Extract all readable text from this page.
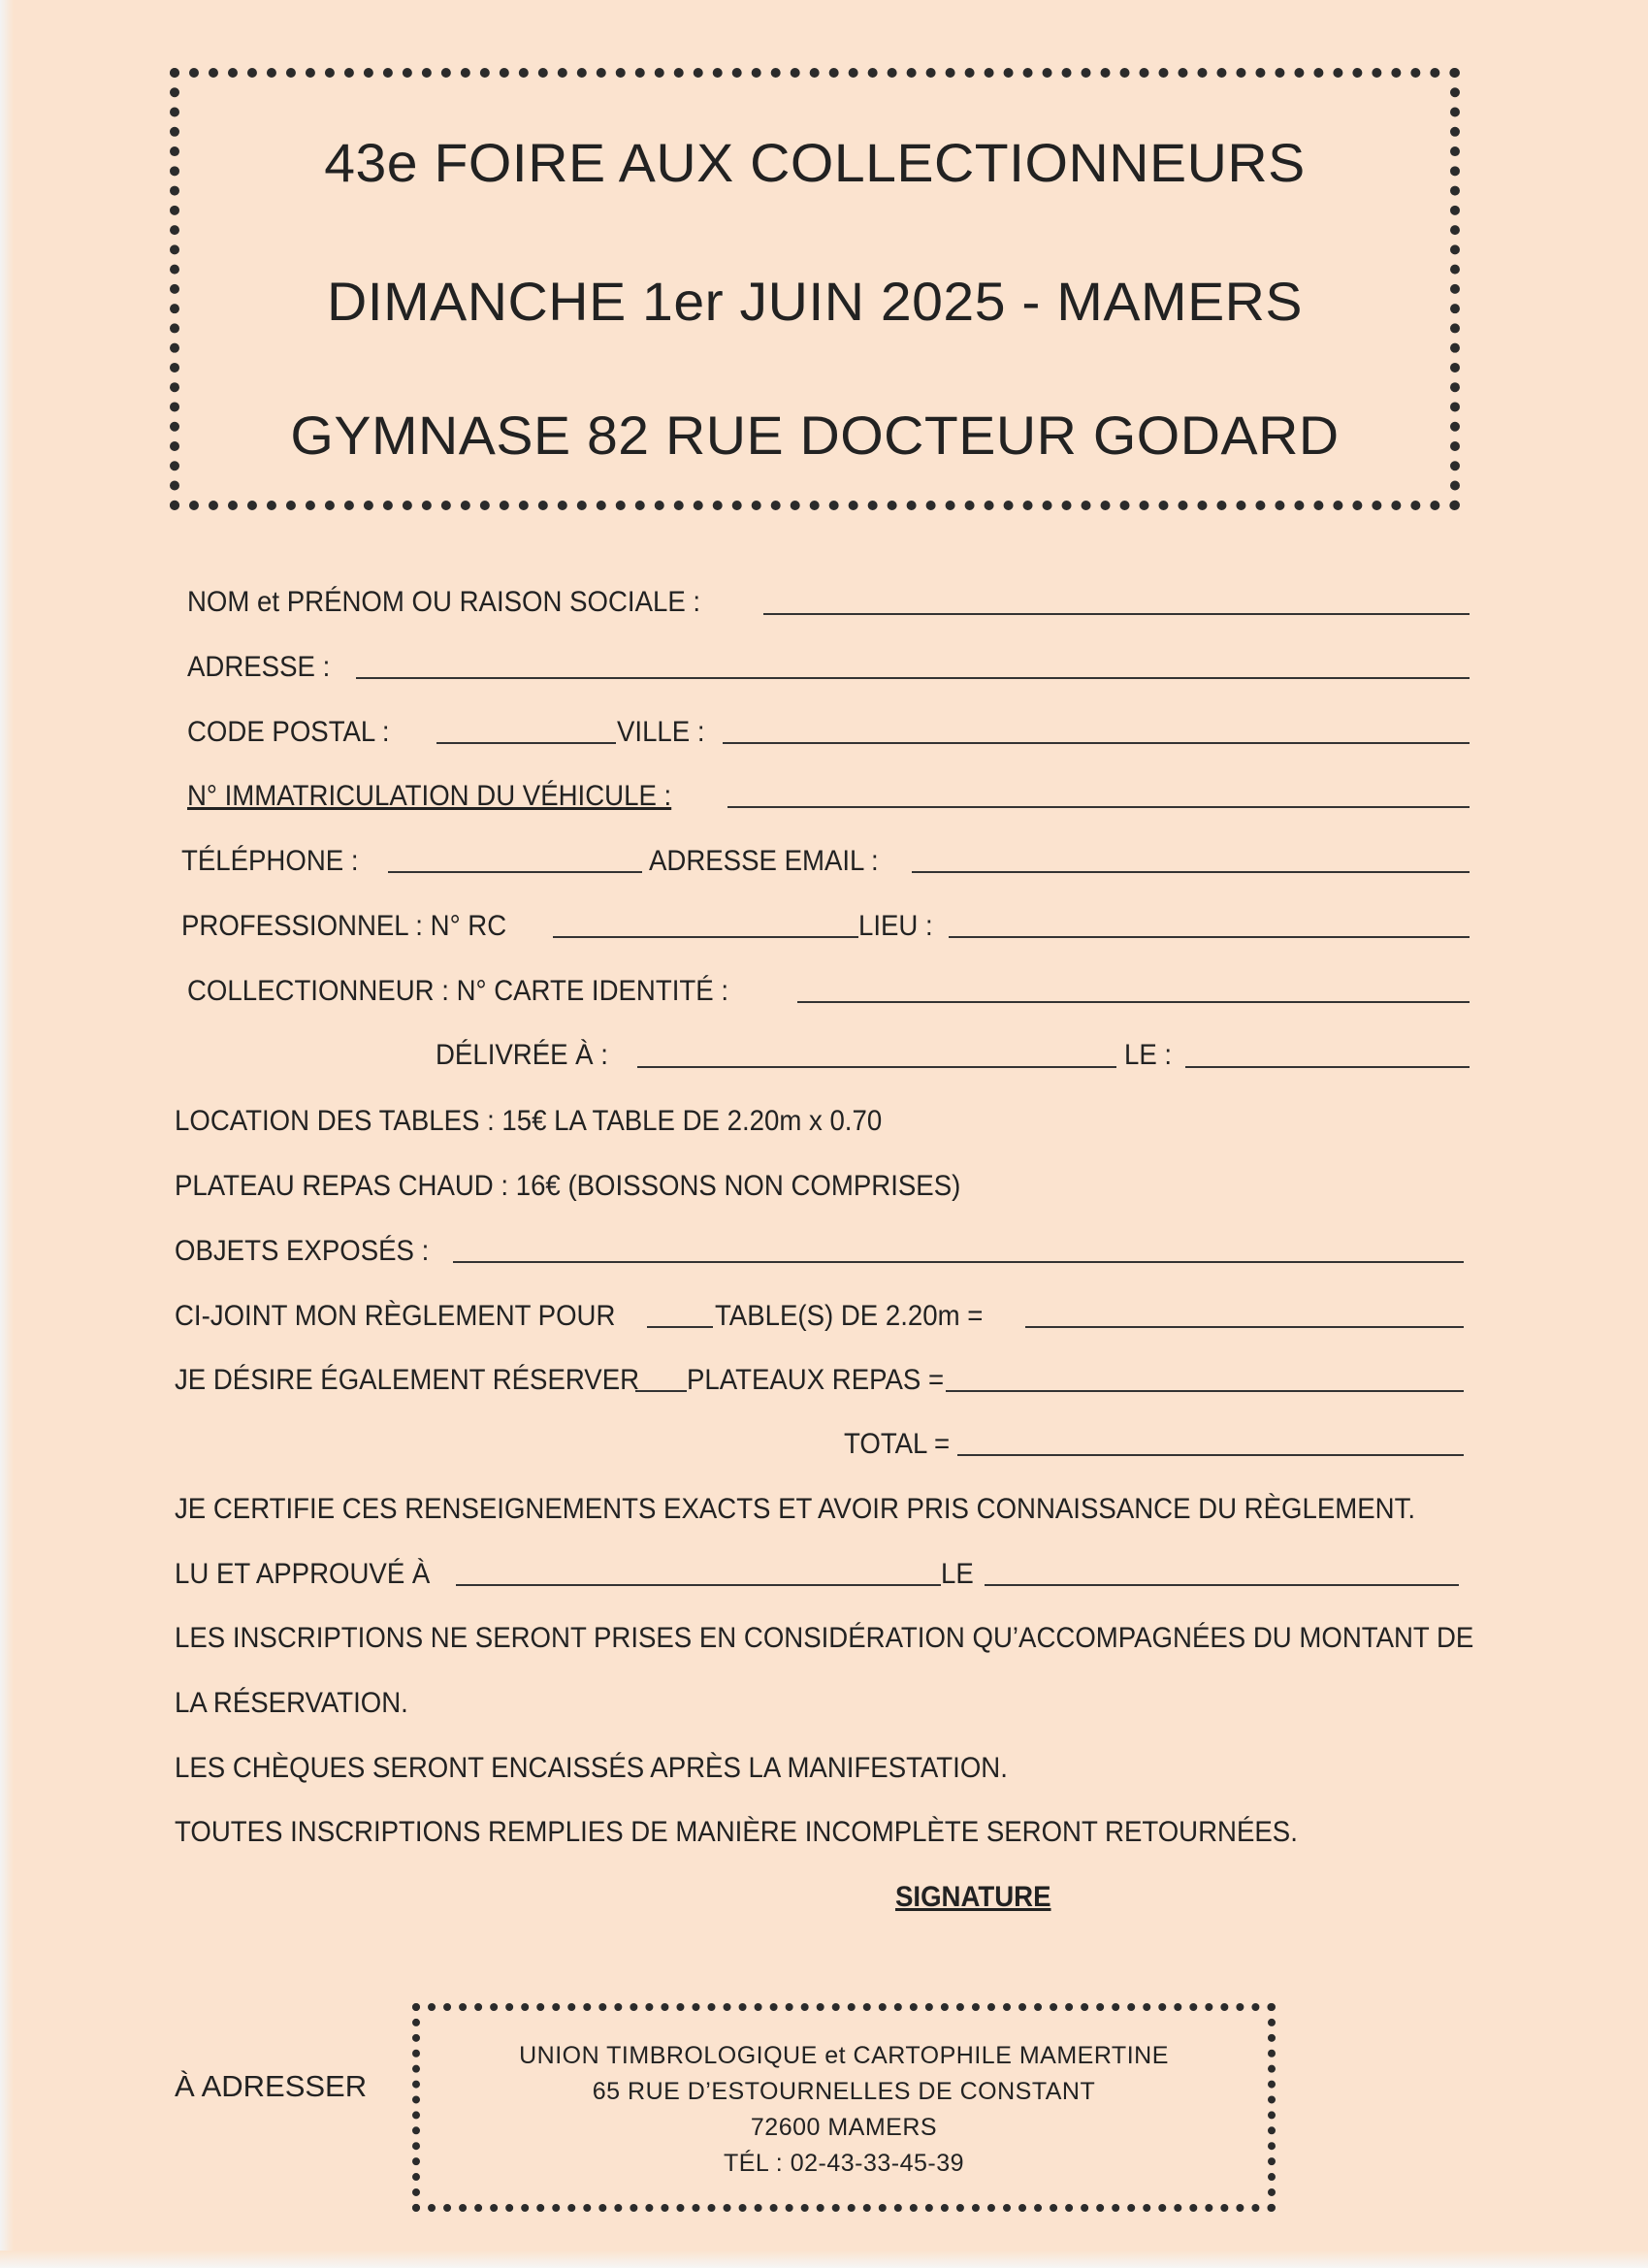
43e FOIRE AUX COLLECTIONNEURS
DIMANCHE 1er JUIN 2025 - MAMERS
GYMNASE 82 RUE DOCTEUR GODARD
NOM et PRÉNOM OU RAISON SOCIALE :
ADRESSE :
CODE POSTAL :	VILLE :
N° IMMATRICULATION DU VÉHICULE :
TÉLÉPHONE :	ADRESSE EMAIL :
PROFESSIONNEL : N° RC	LIEU :
COLLECTIONNEUR : N° CARTE IDENTITÉ :
DÉLIVRÉE À :	LE :
LOCATION DES TABLES : 15€ LA TABLE DE 2.20m x 0.70
PLATEAU REPAS CHAUD : 16€ (BOISSONS NON COMPRISES)
OBJETS EXPOSÉS :
CI-JOINT MON RÈGLEMENT POUR	TABLE(S) DE 2.20m =
JE DÉSIRE ÉGALEMENT RÉSERVER PLATEAUX REPAS =
TOTAL =
JE CERTIFIE CES RENSEIGNEMENTS EXACTS ET AVOIR PRIS CONNAISSANCE DU RÈGLEMENT.
LU ET APPROUVÉ À	LE
LES INSCRIPTIONS NE SERONT PRISES EN CONSIDÉRATION QU’ACCOMPAGNÉES DU MONTANT DE
LA RÉSERVATION.
LES CHÈQUES SERONT ENCAISSÉS APRÈS LA MANIFESTATION.
TOUTES INSCRIPTIONS REMPLIES DE MANIÈRE INCOMPLÈTE SERONT RETOURNÉES.
SIGNATURE
À ADRESSER
UNION TIMBROLOGIQUE et CARTOPHILE MAMERTINE
65 RUE D’ESTOURNELLES DE CONSTANT
72600 MAMERS
TÉL : 02-43-33-45-39
